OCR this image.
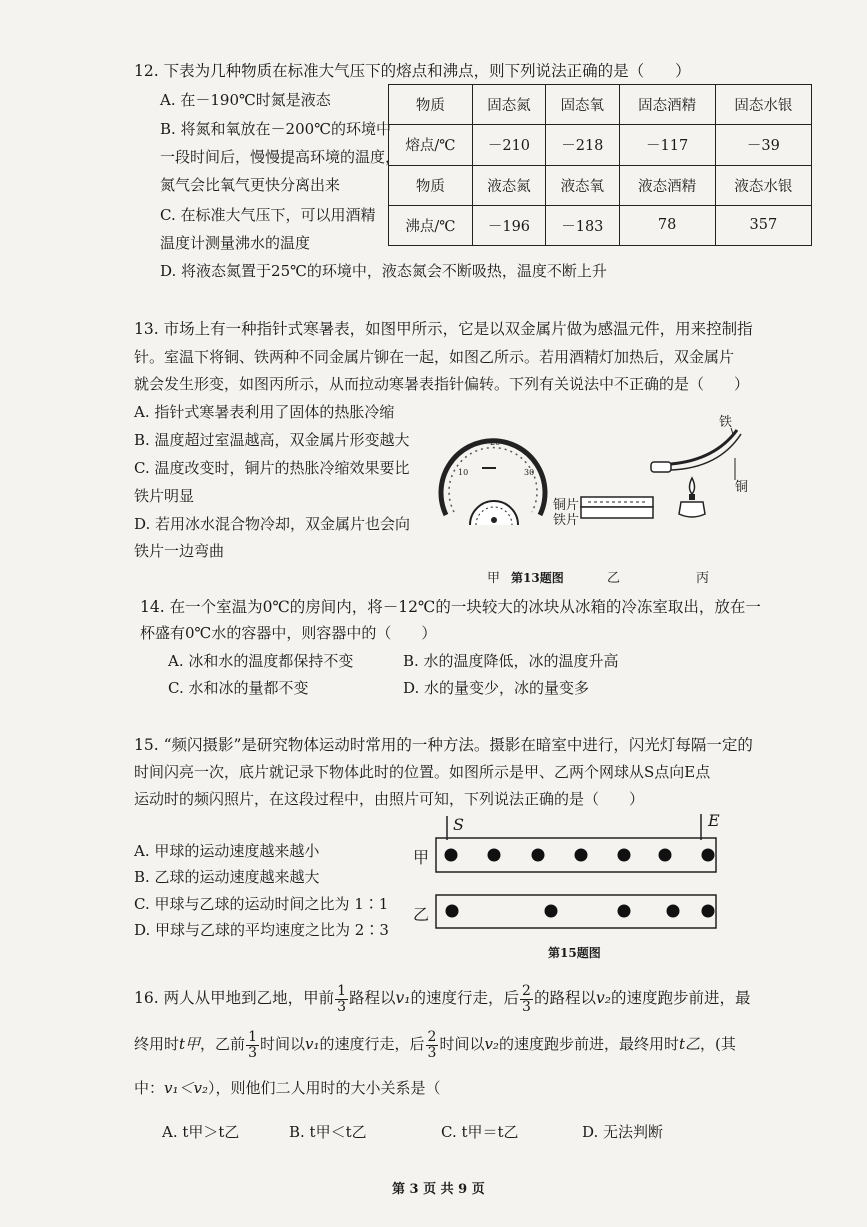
12. 下表为几种物质在标准大气压下的熔点和沸点，则下列说法正确的是（　　）
A. 在－190℃时氮是液态
B. 将氮和氧放在－200℃的环境中
一段时间后，慢慢提高环境的温度，
氮气会比氧气更快分离出来
C. 在标准大气压下，可以用酒精
温度计测量沸水的温度
D. 将液态氮置于25℃的环境中，液态氮会不断吸热，温度不断上升
物质	固态氮	固态氧	固态酒精	固态水银
熔点/℃	－210	－218	－117	－39
物质	液态氮	液态氧	液态酒精	液态水银
沸点/℃	－196	－183	78	357
13. 市场上有一种指针式寒暑表，如图甲所示，它是以双金属片做为感温元件，用来控制指
针。室温下将铜、铁两种不同金属片铆在一起，如图乙所示。若用酒精灯加热后，双金属片
就会发生形变，如图丙所示，从而拉动寒暑表指针偏转。下列有关说法中不正确的是（　　）
A. 指针式寒暑表利用了固体的热胀冷缩
B. 温度超过室温越高，双金属片形变越大
C. 温度改变时，铜片的热胀冷缩效果要比
铁片明显
D. 若用冰水混合物冷却，双金属片也会向
铁片一边弯曲
10	30
20
铜片
铁片
铁
铜
甲 第13题图	乙	丙
14. 在一个室温为0℃的房间内，将－12℃的一块较大的冰块从冰箱的冷冻室取出，放在一
杯盛有0℃水的容器中，则容器中的（　　）
A. 冰和水的温度都保持不变	B. 水的温度降低，冰的温度升高
C. 水和冰的量都不变	D. 水的量变少，冰的量变多
15. “频闪摄影”是研究物体运动时常用的一种方法。摄影在暗室中进行，闪光灯每隔一定的
时间闪亮一次，底片就记录下物体此时的位置。如图所示是甲、乙两个网球从S点向E点
运动时的频闪照片，在这段过程中，由照片可知，下列说法正确的是（　　）
A. 甲球的运动速度越来越小
B. 乙球的运动速度越来越大
C. 甲球与乙球的运动时间之比为 1∶1
D. 甲球与乙球的平均速度之比为 2∶3
S	E
甲
乙
第15题图
16. 两人从甲地到乙地，甲前 $\frac{1}{3}$ 路程以v₁的速度行走，后 $\frac{2}{3}$ 的路程以v₂的速度跑步前进，最
终用时t甲，乙前 $\frac{1}{3}$ 时间以v₁的速度行走，后 $\frac{2}{3}$ 时间以v₂的速度跑步前进，最终用时t乙，(其
中：v₁＜v₂），则他们二人用时的大小关系是（
A. t甲＞t乙	B. t甲＜t乙	C. t甲＝t乙	D. 无法判断
第 3 页 共 9 页
